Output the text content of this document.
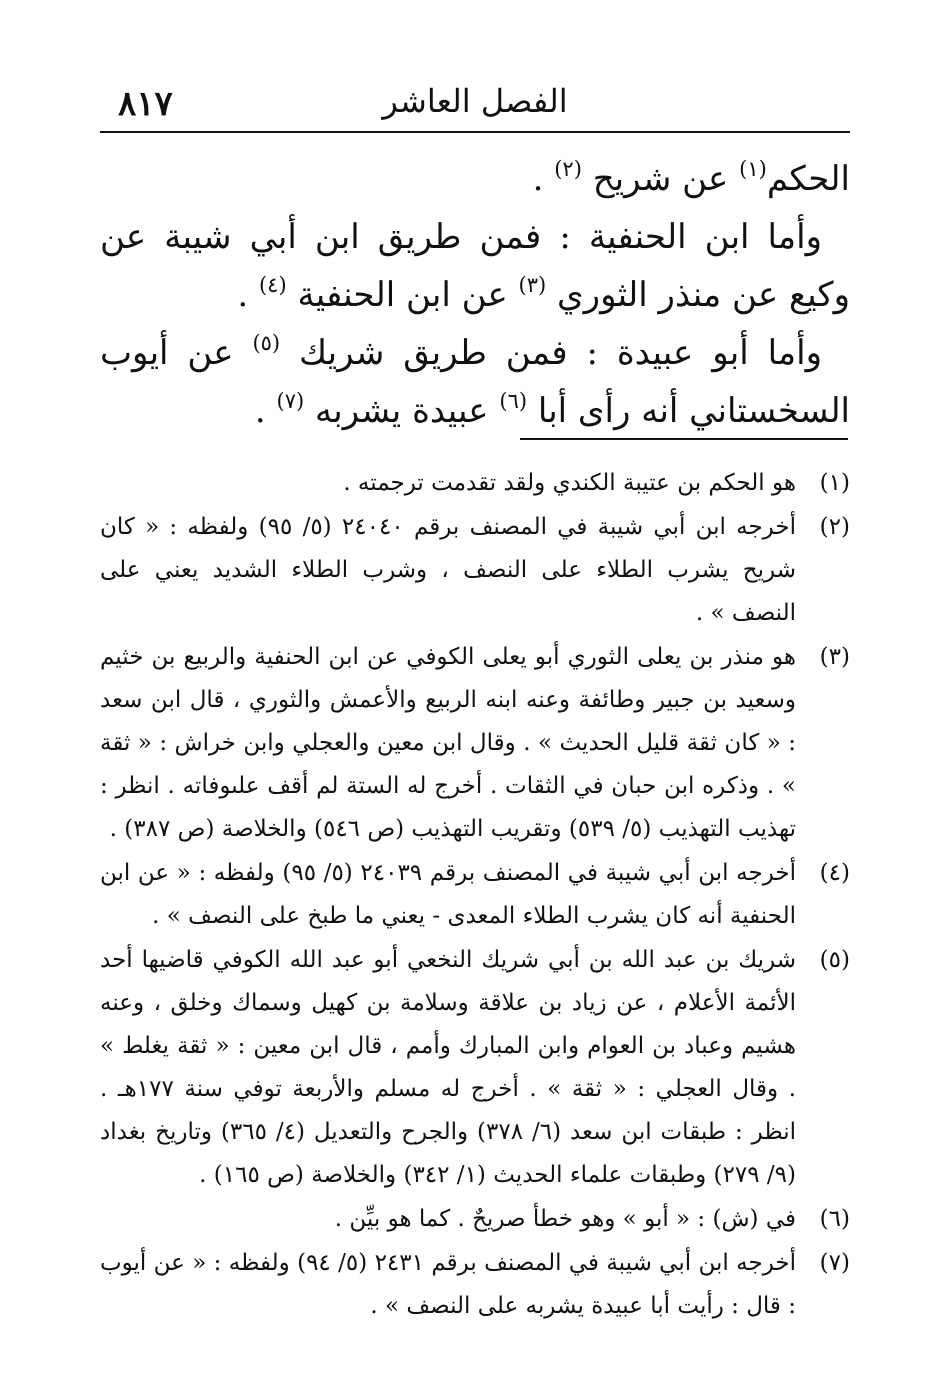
٨١٧	الفصل العاشر

الحكم$^{(١)}$ عن شريح $^{(٢)}$ .

وأما ابن الحنفية : فمن طريق ابن أبي شيبة عن وكيع عن منذر الثوري $^{(٣)}$ عن ابن الحنفية $^{(٤)}$ .

وأما أبو عبيدة : فمن طريق شريك $^{(٥)}$ عن أيوب السخستاني أنه رأى أبا $^{(٦)}$ عبيدة يشربه $^{(٧)}$ .

(١)
هو الحكم بن عتيبة الكندي ولقد تقدمت ترجمته .
(٢)
أخرجه ابن أبي شيبة في المصنف برقم ٢٤٠٤٠ (٥/ ٩٥) ولفظه : « كان شريح يشرب الطلاء على النصف ، وشرب الطلاء الشديد يعني على النصف » .
(٣)
هو منذر بن يعلى الثوري أبو يعلى الكوفي عن ابن الحنفية والربيع بن خثيم وسعيد بن جبير وطائفة وعنه ابنه الربيع والأعمش والثوري ، قال ابن سعد : « كان ثقة قليل الحديث » . وقال ابن معين والعجلي وابن خراش : « ثقة » . وذكره ابن حبان في الثقات . أخرج له الستة لم أقف علىوفاته . انظر : تهذيب التهذيب (٥/ ٥٣٩) وتقريب التهذيب (ص ٥٤٦) والخلاصة (ص ٣٨٧) .
(٤)
أخرجه ابن أبي شيبة في المصنف برقم ٢٤٠٣٩ (٥/ ٩٥) ولفظه : « عن ابن الحنفية أنه كان يشرب الطلاء المعدى - يعني ما طبخ على النصف » .
(٥)
شريك بن عبد الله بن أبي شريك النخعي أبو عبد الله الكوفي قاضيها أحد الأئمة الأعلام ، عن زياد بن علاقة وسلامة بن كهيل وسماك وخلق ، وعنه هشيم وعباد بن العوام وابن المبارك وأمم ، قال ابن معين : « ثقة يغلط » . وقال العجلي : « ثقة » . أخرج له مسلم والأربعة توفي سنة ١٧٧هـ . انظر : طبقات ابن سعد (٦/ ٣٧٨) والجرح والتعديل (٤/ ٣٦٥) وتاريخ بغداد (٩/ ٢٧٩) وطبقات علماء الحديث (١/ ٣٤٢) والخلاصة (ص ١٦٥) .
(٦)
في (ش) : « أبو » وهو خطأ صريحٌ . كما هو بيِّن .
(٧)
أخرجه ابن أبي شيبة في المصنف برقم ٢٤٣١ (٥/ ٩٤) ولفظه : « عن أيوب : قال : رأيت أبا عبيدة يشربه على النصف » .
